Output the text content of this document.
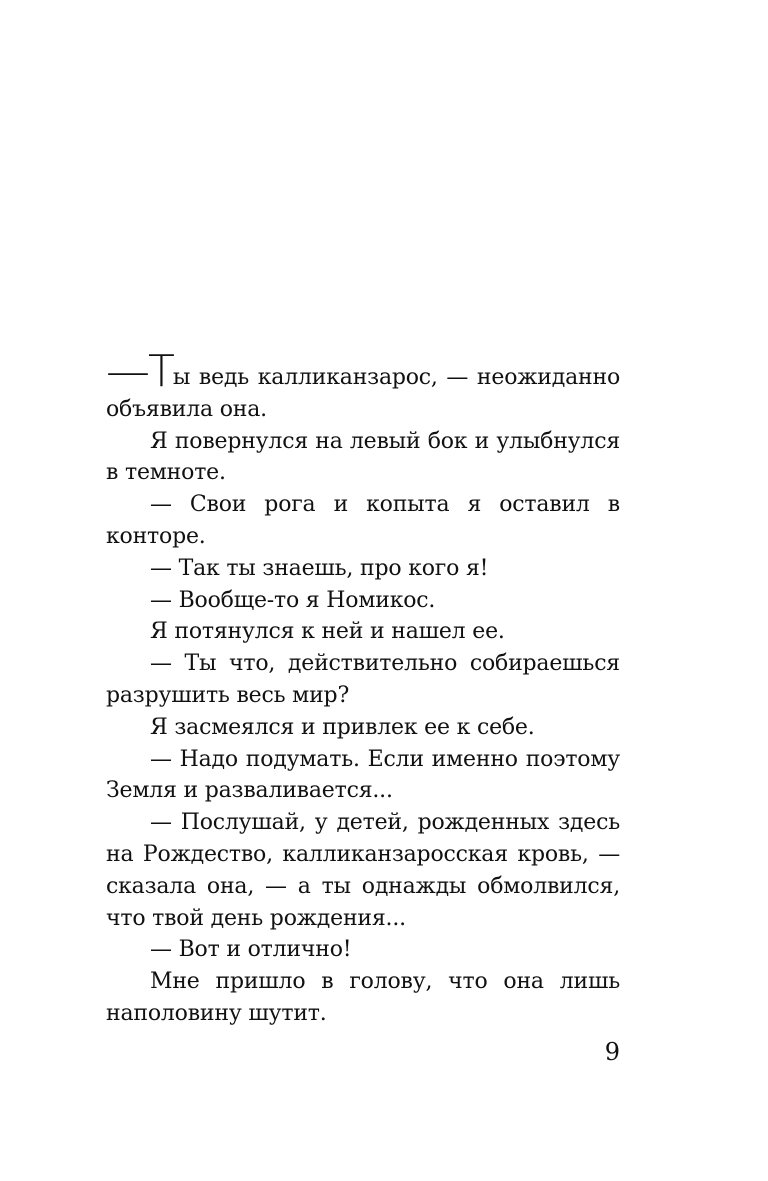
—Ты ведь калликанзарос, — неожиданно объявила она.

Я повернулся на левый бок и улыбнулся в темноте.

— Свои рога и копыта я оставил в конторе.

— Так ты знаешь, про кого я!

— Вообще-то я Номикос.

Я потянулся к ней и нашел ее.

— Ты что, действительно собираешься разрушить весь мир?

Я засмеялся и привлек ее к себе.

— Надо подумать. Если именно поэтому Земля и разваливается...

— Послушай, у детей, рожденных здесь на Рождество, калликанзаросская кровь, — сказала она, — а ты однажды обмолвился, что твой день рождения...

— Вот и отлично!

Мне пришло в голову, что она лишь наполовину шутит.

9
